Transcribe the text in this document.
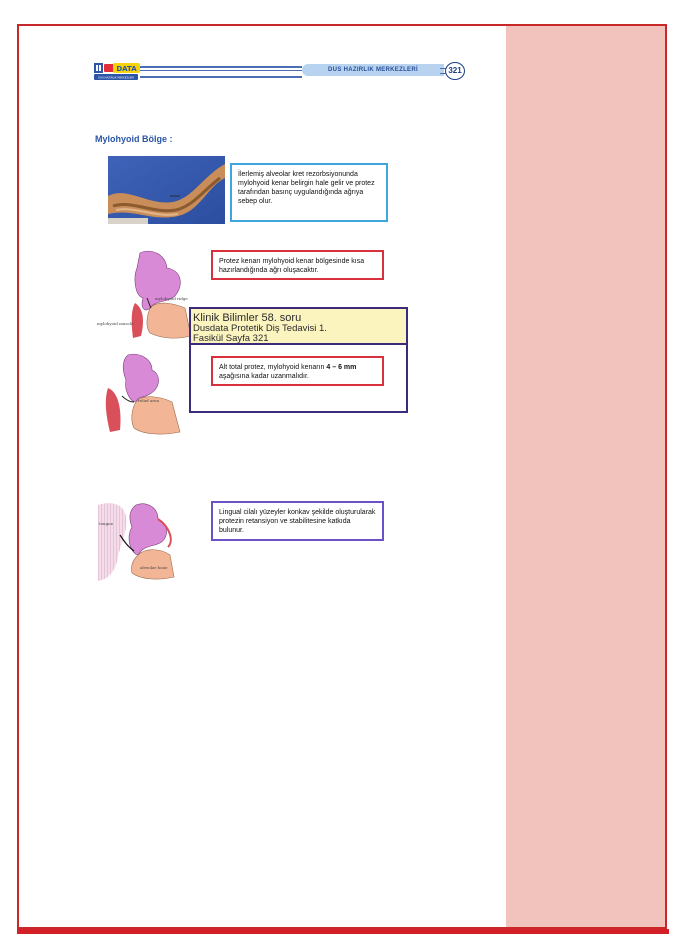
DATA
DUS HAZIRLIK MERKEZLERİ
DUS HAZIRLIK MERKEZLERİ	321
Mylohyoid Bölge :
İlerlemiş alveolar kret rezorbsiyonunda mylohyoid kenar belirgin hale gelir ve protez tarafından basınç uygulandığında ağrıya sebep olur.
mylohyoid ridge
mylohyoid muscle
Protez kenarı mylohyoid kenar bölgesinde kısa hazırlandığında ağrı oluşacaktır.
Klinik Bilimler 58. soru
Dusdata Protetik Diş Tedavisi 1.
Fasikül Sayfa 321
relief area
Alt total protez, mylohyoid kenarın 4 – 6 mm aşağısına kadar uzanmalıdır.
tongue
alveolar bone
Lingual cilalı yüzeyler konkav şekilde oluşturularak protezin retansiyon ve stabilitesine katkıda bulunur.
